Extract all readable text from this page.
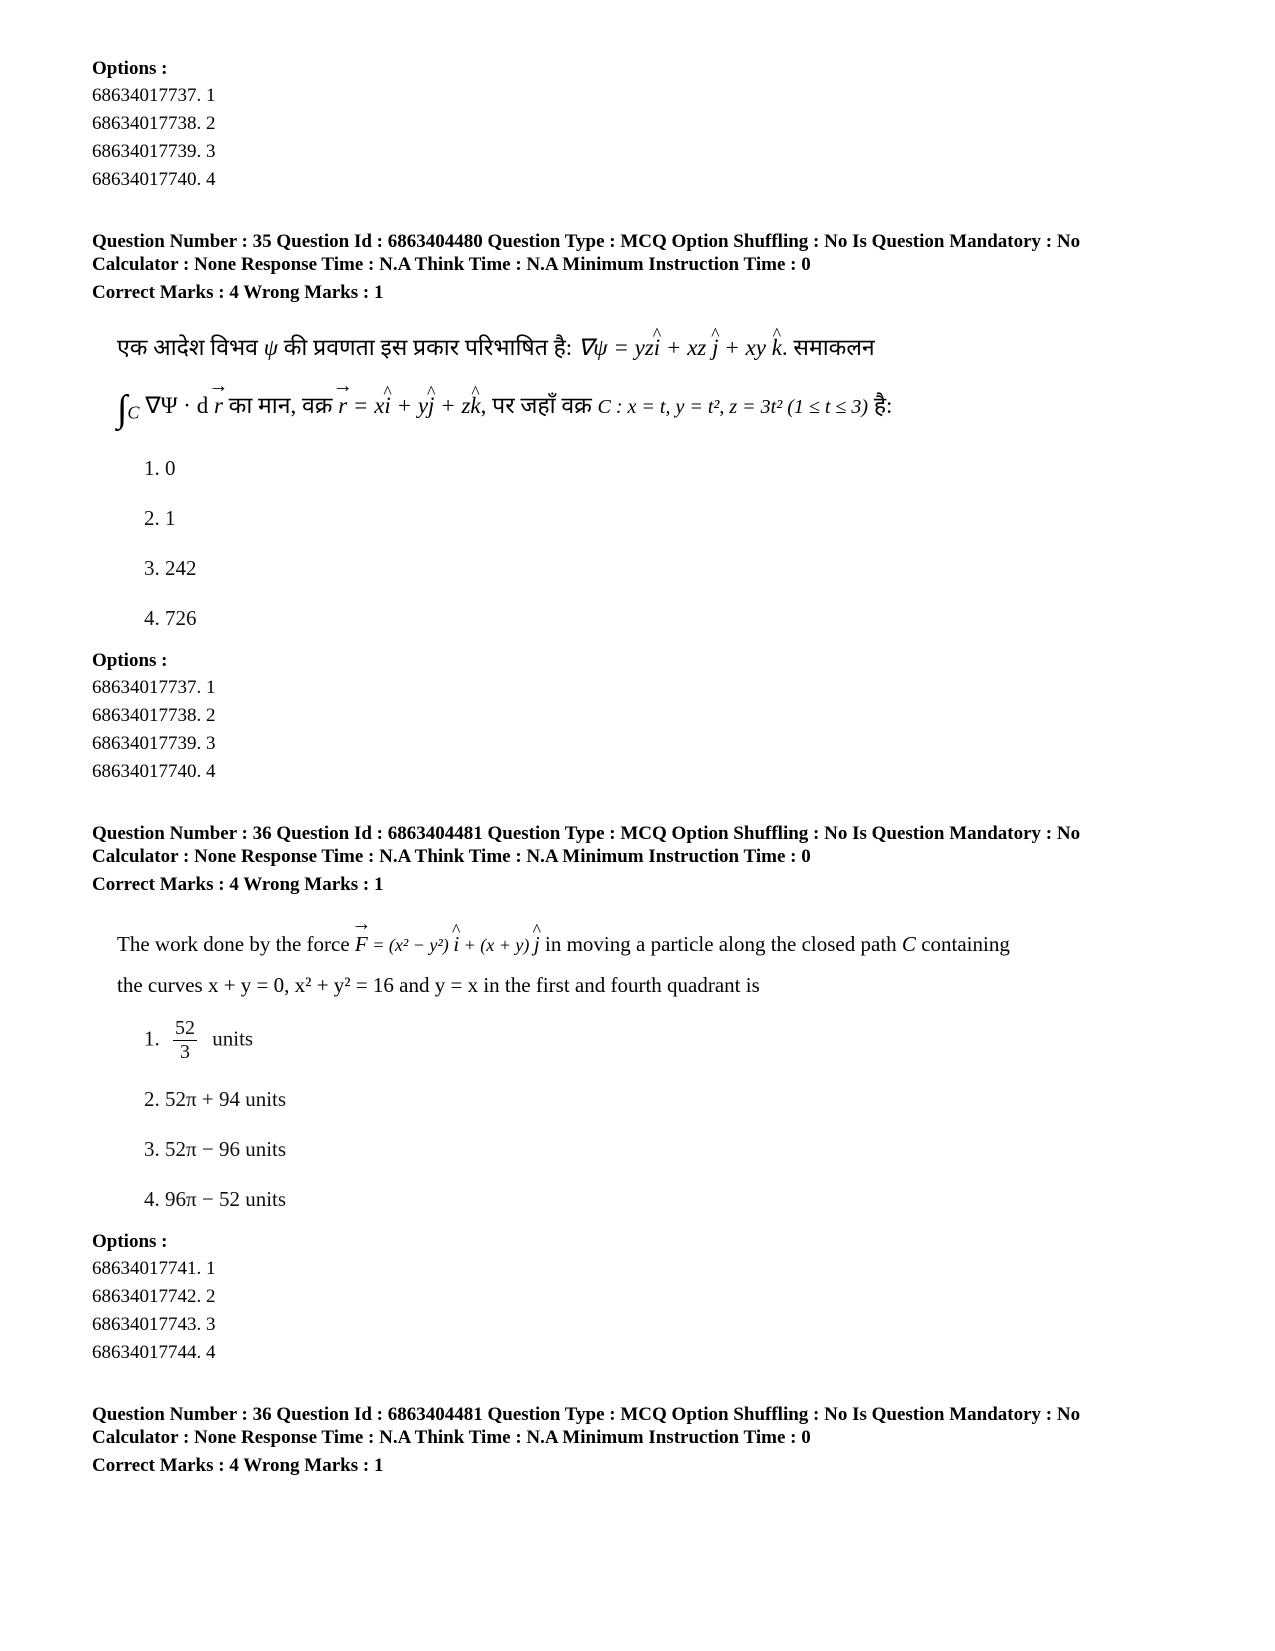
Options :
68634017737. 1
68634017738. 2
68634017739. 3
68634017740. 4

Question Number : 35 Question Id : 6863404480 Question Type : MCQ Option Shuffling : No Is Question Mandatory : No

Calculator : None Response Time : N.A Think Time : N.A Minimum Instruction Time : 0

Correct Marks : 4 Wrong Marks : 1
एक आदेश विभव ψ की प्रवणता इस प्रकार परिभाषित है: ∇ψ = yz^ i + xz ^ j + xy ^ k. समाकलन
$\int_C$ ∇Ψ · d → r का मान, वक्र → r = x^ i + y^ j + z^ k, पर जहाँ वक्र C : x = t, y = t², z = 3t² (1 ≤ t ≤ 3) है:
1. 0
2. 1
3. 242
4. 726
Options :
68634017737. 1
68634017738. 2
68634017739. 3
68634017740. 4

Question Number : 36 Question Id : 6863404481 Question Type : MCQ Option Shuffling : No Is Question Mandatory : No

Calculator : None Response Time : N.A Think Time : N.A Minimum Instruction Time : 0

Correct Marks : 4 Wrong Marks : 1
The work done by the force → F = (x² − y²) ^ i + (x + y) ^ j in moving a particle along the closed path C containing
the curves x + y = 0, x² + y² = 16 and y = x in the first and fourth quadrant is
1. $\frac{52}{3}$ units
2. 52π + 94 units
3. 52π − 96 units
4. 96π − 52 units
Options :
68634017741. 1
68634017742. 2
68634017743. 3
68634017744. 4

Question Number : 36 Question Id : 6863404481 Question Type : MCQ Option Shuffling : No Is Question Mandatory : No

Calculator : None Response Time : N.A Think Time : N.A Minimum Instruction Time : 0

Correct Marks : 4 Wrong Marks : 1
